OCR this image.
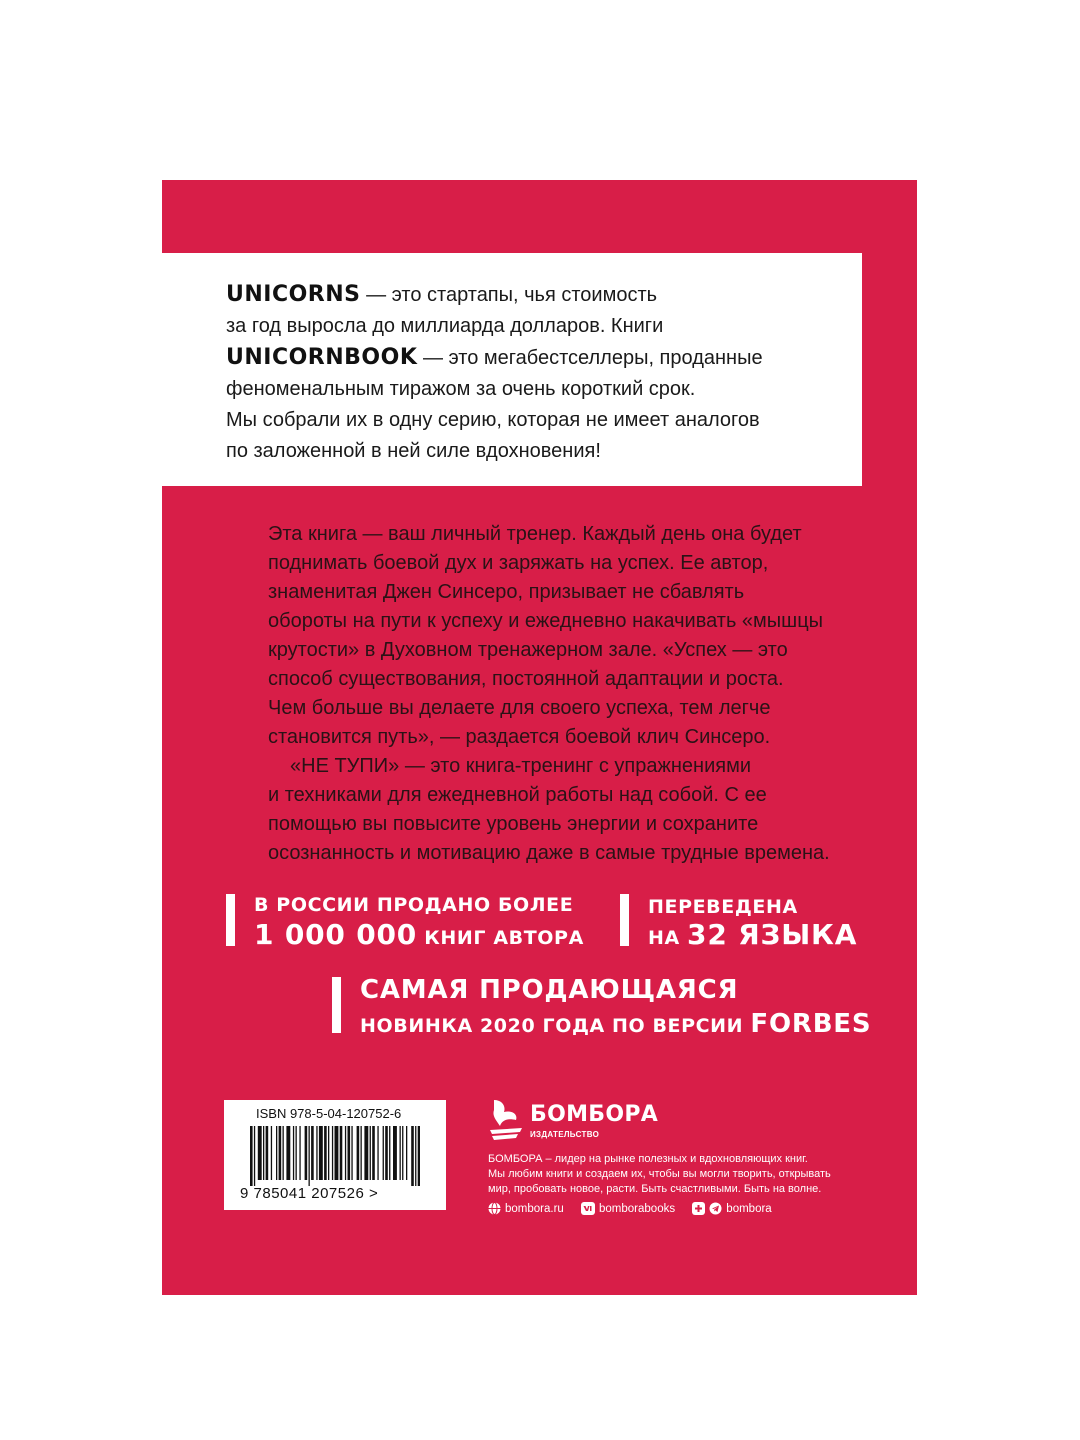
UNICORNS — это стартапы, чья стоимость

за год выросла до миллиарда долларов. Книги

UNICORNBOOK — это мегабестселлеры, проданные

феноменальным тиражом за очень короткий срок.

Мы собрали их в одну серию, которая не имеет аналогов

по заложенной в ней силе вдохновения!

Эта книга — ваш личный тренер. Каждый день она будет

поднимать боевой дух и заряжать на успех. Ее автор,

знаменитая Джен Синсеро, призывает не сбавлять

обороты на пути к успеху и ежедневно накачивать «мышцы

крутости» в Духовном тренажерном зале. «Успех — это

способ существования, постоянной адаптации и роста.

Чем больше вы делаете для своего успеха, тем легче

становится путь», — раздается боевой клич Синсеро.

«НЕ ТУПИ» — это книга-тренинг с упражнениями

и техниками для ежедневной работы над собой. С ее

помощью вы повысите уровень энергии и сохраните

осознанность и мотивацию даже в самые трудные времена.

В РОССИИ ПРОДАНО БОЛЕЕ
1 000 000 КНИГ АВТОРА
ПЕРЕВЕДЕНА
НА 32 ЯЗЫКА
САМАЯ ПРОДАЮЩАЯСЯ
НОВИНКА 2020 ГОДА ПО ВЕРСИИ FORBES
ISBN 978-5-04-120752-6
9 785041 207526 >
БОМБОРА
ИЗДАТЕЛЬСТВО

БОМБОРА – лидер на рынке полезных и вдохновляющих книг.

Мы любим книги и создаем их, чтобы вы могли творить, открывать

мир, пробовать новое, расти. Быть счастливыми. Быть на волне.

bombora.ru
	bomborabooks
	bombora
